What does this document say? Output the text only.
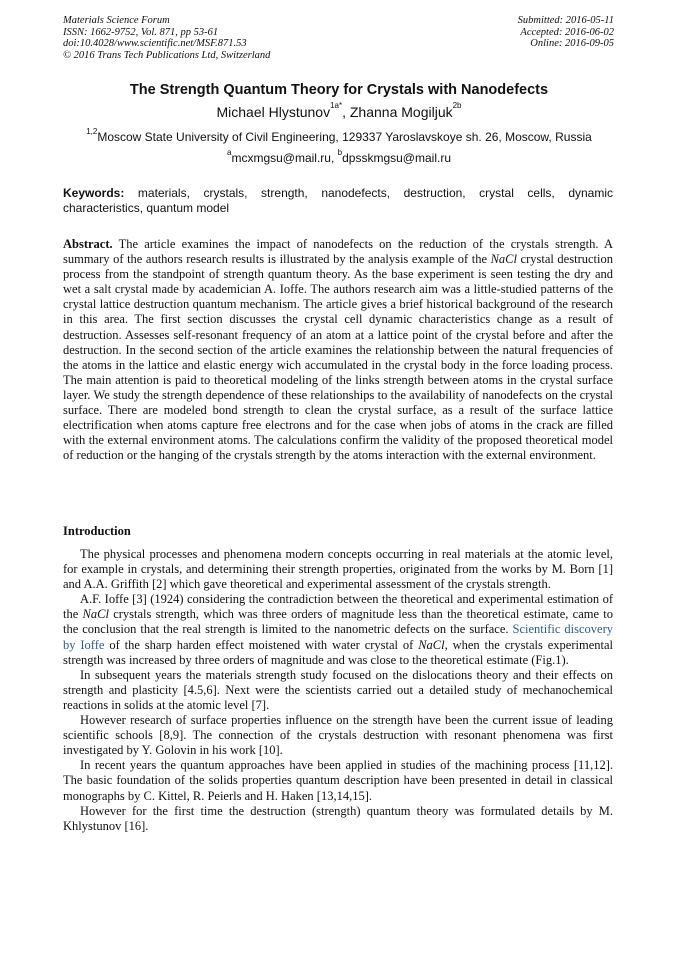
Materials Science Forum
ISSN: 1662-9752, Vol. 871, pp 53-61
doi:10.4028/www.scientific.net/MSF.871.53
© 2016 Trans Tech Publications Ltd, Switzerland
Submitted: 2016-05-11
Accepted: 2016-06-02
Online: 2016-09-05
The Strength Quantum Theory for Crystals with Nanodefects
Michael Hlystunov$^{1a*}$, Zhanna Mogiljuk$^{2b}$
$^{1,2}$Moscow State University of Civil Engineering, 129337 Yaroslavskoye sh. 26, Moscow, Russia
$^a$mcxmgsu@mail.ru, $^b$dpsskmgsu@mail.ru
Keywords: materials, crystals, strength, nanodefects, destruction, crystal cells, dynamic characteristics, quantum model
Abstract. The article examines the impact of nanodefects on the reduction of the crystals strength. A summary of the authors research results is illustrated by the analysis example of the NaCl crystal destruction process from the standpoint of strength quantum theory. As the base experiment is seen testing the dry and wet a salt crystal made by academician A. Ioffe. The authors research aim was a little-studied patterns of the crystal lattice destruction quantum mechanism. The article gives a brief historical background of the research in this area. The first section discusses the crystal cell dynamic characteristics change as a result of destruction. Assesses self-resonant frequency of an atom at a lattice point of the crystal before and after the destruction. In the second section of the article examines the relationship between the natural frequencies of the atoms in the lattice and elastic energy wich accumulated in the crystal body in the force loading process. The main attention is paid to theoretical modeling of the links strength between atoms in the crystal surface layer. We study the strength dependence of these relationships to the availability of nanodefects on the crystal surface. There are modeled bond strength to clean the crystal surface, as a result of the surface lattice electrification when atoms capture free electrons and for the case when jobs of atoms in the crack are filled with the external environment atoms. The calculations confirm the validity of the proposed theoretical model of reduction or the hanging of the crystals strength by the atoms interaction with the external environment.
Introduction

The physical processes and phenomena modern concepts occurring in real materials at the atomic level, for example in crystals, and determining their strength properties, originated from the works by M. Born [1] and A.A. Griffith [2] which gave theoretical and experimental assessment of the crystals strength.

A.F. Ioffe [3] (1924) considering the contradiction between the theoretical and experimental estimation of the NaCl crystals strength, which was three orders of magnitude less than the theoretical estimate, came to the conclusion that the real strength is limited to the nanometric defects on the surface. Scientific discovery by Ioffe of the sharp harden effect moistened with water crystal of NaCl, when the crystals experimental strength was increased by three orders of magnitude and was close to the theoretical estimate (Fig.1).

In subsequent years the materials strength study focused on the dislocations theory and their effects on strength and plasticity [4.5,6]. Next were the scientists carried out a detailed study of mechanochemical reactions in solids at the atomic level [7].

However research of surface properties influence on the strength have been the current issue of leading scientific schools [8,9]. The connection of the crystals destruction with resonant phenomena was first investigated by Y. Golovin in his work [10].

In recent years the quantum approaches have been applied in studies of the machining process [11,12]. The basic foundation of the solids properties quantum description have been presented in detail in classical monographs by C. Kittel, R. Peierls and H. Haken [13,14,15].

However for the first time the destruction (strength) quantum theory was formulated details by M. Khlystunov [16].
